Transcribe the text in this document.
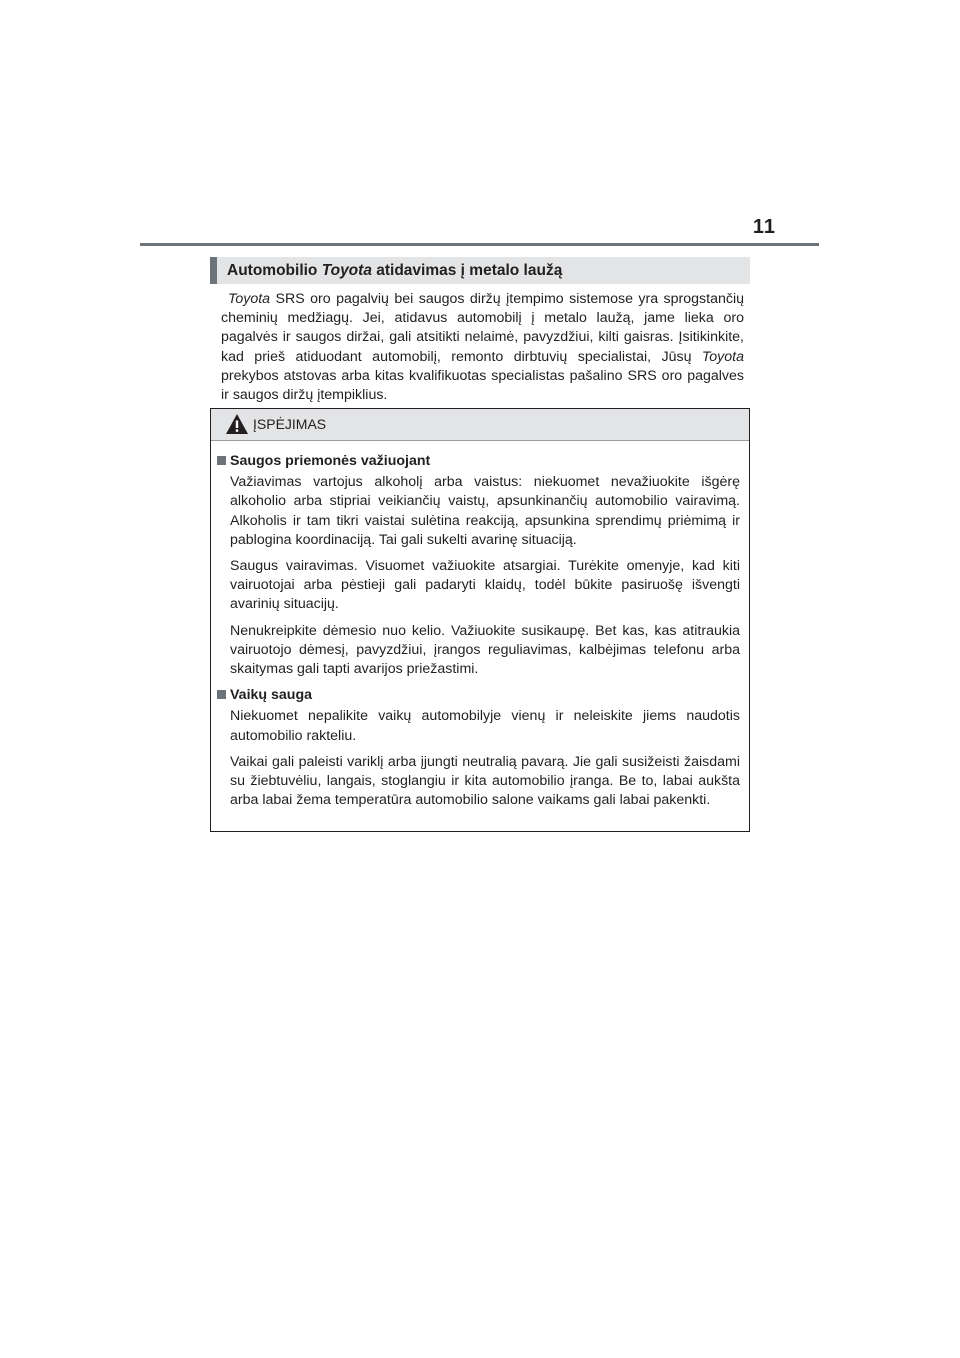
11
Automobilio Toyota atidavimas į metalo laužą

Toyota SRS oro pagalvių bei saugos diržų įtempimo sistemose yra sprogstančių cheminių medžiagų. Jei, atidavus automobilį į metalo laužą, jame lieka oro pagalvės ir saugos diržai, gali atsitikti nelaimė, pavyzdžiui, kilti gaisras. Įsitikinkite, kad prieš atiduodant automobilį, remonto dirbtuvių specialistai, Jūsų Toyota prekybos atstovas arba kitas kvalifikuotas specialistas pašalino SRS oro pagalves ir saugos diržų įtempiklius.

ĮSPĖJIMAS
Saugos priemonės važiuojant

Važiavimas vartojus alkoholį arba vaistus: niekuomet nevažiuokite išgėrę alkoholio arba stipriai veikiančių vaistų, apsunkinančių automobilio vairavimą. Alkoholis ir tam tikri vaistai sulėtina reakciją, apsunkina sprendimų priėmimą ir pablogina koordinaciją. Tai gali sukelti avarinę situaciją.

Saugus vairavimas. Visuomet važiuokite atsargiai. Turėkite omenyje, kad kiti vairuotojai arba pėstieji gali padaryti klaidų, todėl būkite pasiruošę išvengti avarinių situacijų.

Nenukreipkite dėmesio nuo kelio. Važiuokite susikaupę. Bet kas, kas atitraukia vairuotojo dėmesį, pavyzdžiui, įrangos reguliavimas, kalbėjimas telefonu arba skaitymas gali tapti avarijos priežastimi.

Vaikų sauga

Niekuomet nepalikite vaikų automobilyje vienų ir neleiskite jiems naudotis automobilio rakteliu.

Vaikai gali paleisti variklį arba įjungti neutralią pavarą. Jie gali susižeisti žaisdami su žiebtuvėliu, langais, stoglangiu ir kita automobilio įranga. Be to, labai aukšta arba labai žema temperatūra automobilio salone vaikams gali labai pakenkti.
